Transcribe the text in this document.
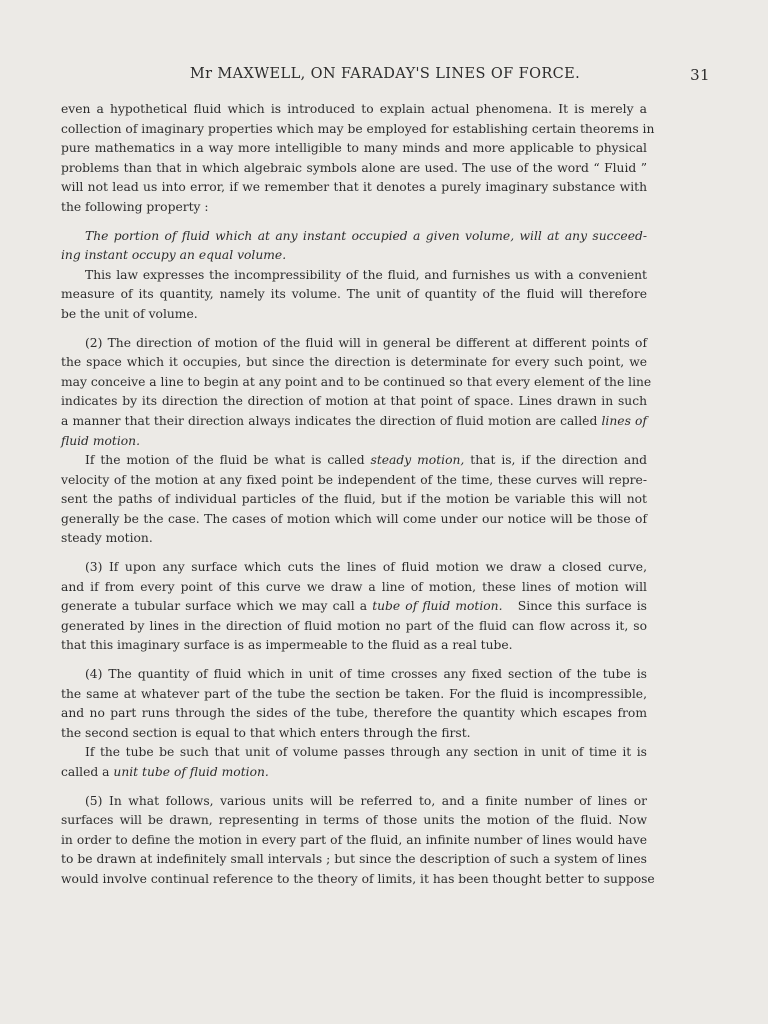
Mr MAXWELL, ON FARADAY'S LINES OF FORCE.	31
even a hypothetical fluid which is introduced to explain actual phenomena. It is merely a
collection of imaginary properties which may be employed for establishing certain theorems in
pure mathematics in a way more intelligible to many minds and more applicable to physical
problems than that in which algebraic symbols alone are used. The use of the word “ Fluid ”
will not lead us into error, if we remember that it denotes a purely imaginary substance with
the following property :
The portion of fluid which at any instant occupied a given volume, will at any succeed-
ing instant occupy an equal volume.
This law expresses the incompressibility of the fluid, and furnishes us with a convenient
measure of its quantity, namely its volume. The unit of quantity of the fluid will therefore
be the unit of volume.
(2) The direction of motion of the fluid will in general be different at different points of
the space which it occupies, but since the direction is determinate for every such point, we
may conceive a line to begin at any point and to be continued so that every element of the line
indicates by its direction the direction of motion at that point of space. Lines drawn in such
a manner that their direction always indicates the direction of fluid motion are called lines of
fluid motion.
If the motion of the fluid be what is called steady motion, that is, if the direction and
velocity of the motion at any fixed point be independent of the time, these curves will repre-
sent the paths of individual particles of the fluid, but if the motion be variable this will not
generally be the case. The cases of motion which will come under our notice will be those of
steady motion.
(3) If upon any surface which cuts the lines of fluid motion we draw a closed curve,
and if from every point of this curve we draw a line of motion, these lines of motion will
generate a tubular surface which we may call a tube of fluid motion. Since this surface is
generated by lines in the direction of fluid motion no part of the fluid can flow across it, so
that this imaginary surface is as impermeable to the fluid as a real tube.
(4) The quantity of fluid which in unit of time crosses any fixed section of the tube is
the same at whatever part of the tube the section be taken. For the fluid is incompressible,
and no part runs through the sides of the tube, therefore the quantity which escapes from
the second section is equal to that which enters through the first.
If the tube be such that unit of volume passes through any section in unit of time it is
called a unit tube of fluid motion.
(5) In what follows, various units will be referred to, and a finite number of lines or
surfaces will be drawn, representing in terms of those units the motion of the fluid. Now
in order to define the motion in every part of the fluid, an infinite number of lines would have
to be drawn at indefinitely small intervals ; but since the description of such a system of lines
would involve continual reference to the theory of limits, it has been thought better to suppose
